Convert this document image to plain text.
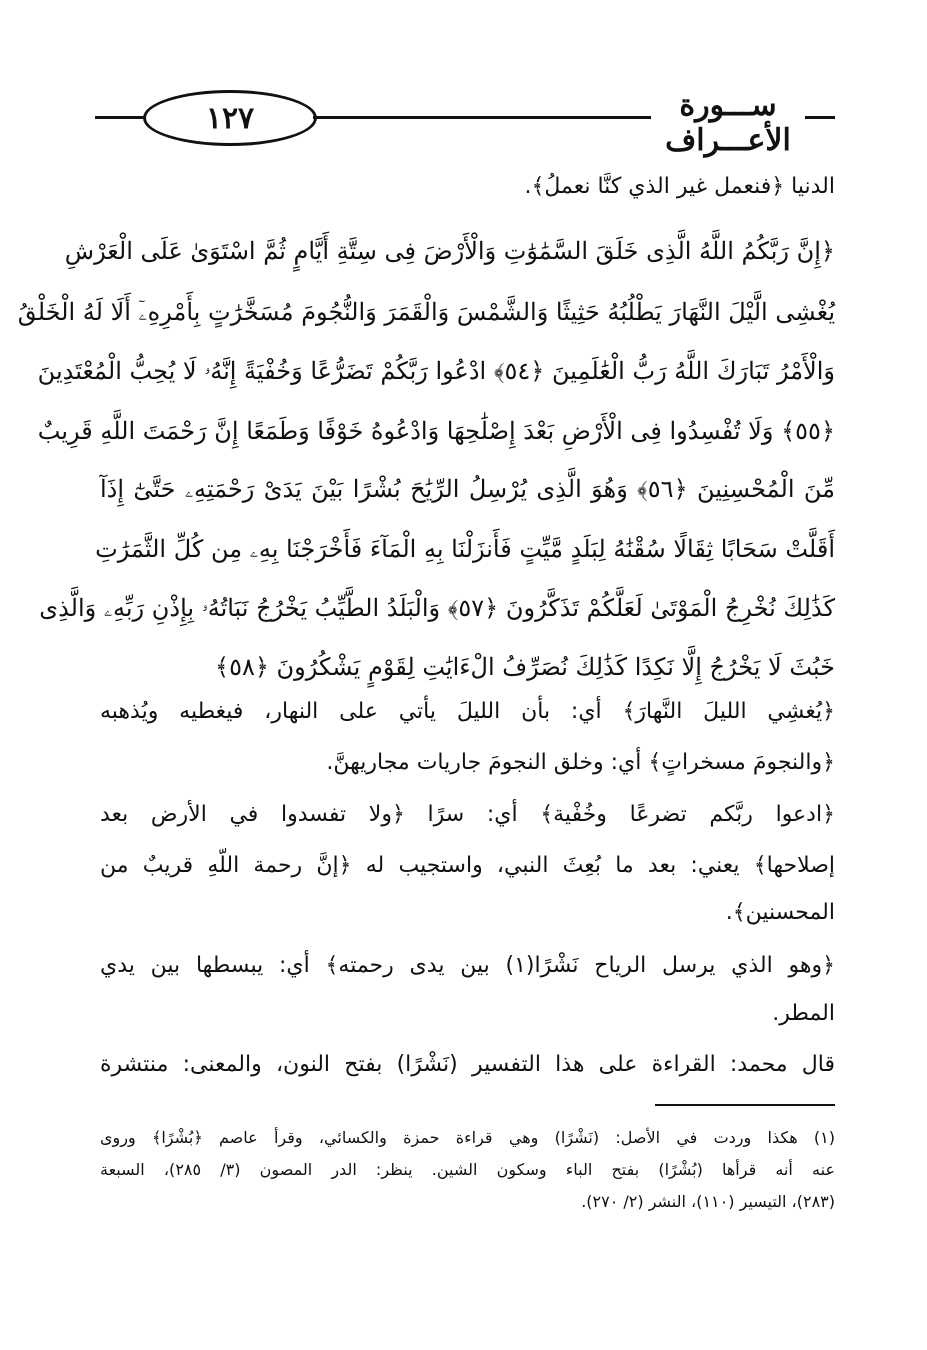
١٢٧	ســـورة الأعـــراف
الدنيا ﴿فنعمل غير الذي كنَّا نعملُ﴾.
﴿إِنَّ رَبَّكُمُ اللَّهُ الَّذِى خَلَقَ السَّمَٰوَٰتِ وَالْأَرْضَ فِى سِتَّةِ أَيَّامٍ ثُمَّ اسْتَوَىٰ عَلَى الْعَرْشِ
يُغْشِى الَّيْلَ النَّهَارَ يَطْلُبُهُ حَثِيثًا وَالشَّمْسَ وَالْقَمَرَ وَالنُّجُومَ مُسَخَّرَٰتٍ بِأَمْرِهِۦٓ أَلَا لَهُ الْخَلْقُ
وَالْأَمْرُ تَبَارَكَ اللَّهُ رَبُّ الْعَٰلَمِينَ ﴿٥٤﴾ ادْعُوا رَبَّكُمْ تَضَرُّعًا وَخُفْيَةً إِنَّهُۥ لَا يُحِبُّ الْمُعْتَدِينَ
﴿٥٥﴾ وَلَا تُفْسِدُوا فِى الْأَرْضِ بَعْدَ إِصْلَٰحِهَا وَادْعُوهُ خَوْفًا وَطَمَعًا إِنَّ رَحْمَتَ اللَّهِ قَرِيبٌ
مِّنَ الْمُحْسِنِينَ ﴿٥٦﴾ وَهُوَ الَّذِى يُرْسِلُ الرِّيَٰحَ بُشْرًا بَيْنَ يَدَىْ رَحْمَتِهِۦ حَتَّىٰٓ إِذَآ
أَقَلَّتْ سَحَابًا ثِقَالًا سُقْنَٰهُ لِبَلَدٍ مَّيِّتٍ فَأَنزَلْنَا بِهِ الْمَآءَ فَأَخْرَجْنَا بِهِۦ مِن كُلِّ الثَّمَرَٰتِ
كَذَٰلِكَ نُخْرِجُ الْمَوْتَىٰ لَعَلَّكُمْ تَذَكَّرُونَ ﴿٥٧﴾ وَالْبَلَدُ الطَّيِّبُ يَخْرُجُ نَبَاتُهُۥ بِإِذْنِ رَبِّهِۦ وَالَّذِى
خَبُثَ لَا يَخْرُجُ إِلَّا نَكِدًا كَذَٰلِكَ نُصَرِّفُ الْءَايَٰتِ لِقَوْمٍ يَشْكُرُونَ ﴿٥٨﴾
﴿يُغشِي الليلَ النَّهارَ﴾ أي: بأن الليلَ يأتي على النهار، فيغطيه ويُذهبه
﴿والنجومَ مسخراتٍ﴾ أي: وخلق النجومَ جاريات مجاريهنَّ.
﴿ادعوا ربَّكم تضرعًا وخُفْية﴾ أي: سرًا ﴿ولا تفسدوا في الأرض بعد
إصلاحها﴾ يعني: بعد ما بُعِثَ النبي، واستجيب له ﴿إنَّ رحمة اللّهِ قريبٌ من
المحسنين﴾.
﴿وهو الذي يرسل الرياح نَشْرًا(١) بين يدى رحمته﴾ أي: يبسطها بين يدي
المطر.
قال محمد: القراءة على هذا التفسير (نَشْرًا) بفتح النون، والمعنى: منتشرة
(١) هكذا وردت في الأصل: (نَشْرًا) وهي قراءة حمزة والكسائي، وقرأ عاصم ﴿بُشْرًا﴾ وروى
عنه أنه قرأها (بُشْرًا) بفتح الباء وسكون الشين. ينظر: الدر المصون (٣/ ٢٨٥)، السبعة
(٢٨٣)، التيسير (١١٠)، النشر (٢/ ٢٧٠).
